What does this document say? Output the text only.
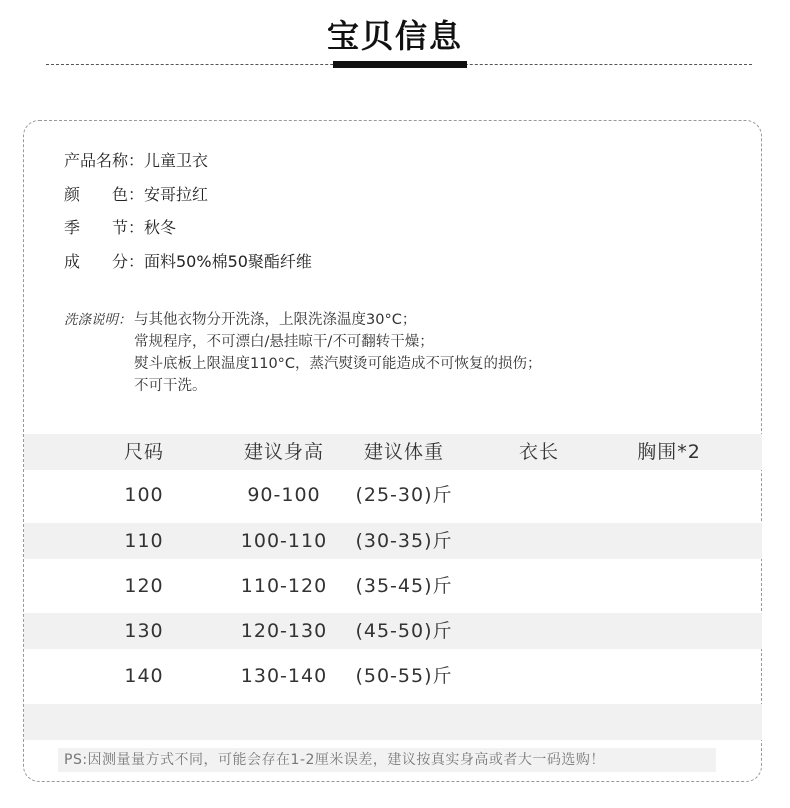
宝贝信息
产品名称：儿童卫衣
颜　　色：安哥拉红
季　　节：秋冬
成　　分：面料50%棉50聚酯纤维
洗涤说明： 与其他衣物分开洗涤，上限洗涤温度30°C；
常规程序，不可漂白/悬挂晾干/不可翻转干燥；
熨斗底板上限温度110°C，蒸汽熨烫可能造成不可恢复的损伤；
不可干洗。
尺码	建议身高	建议体重	衣长	胸围*2
100	90-100	(25-30)斤
110	100-110	(30-35)斤
120	110-120	(35-45)斤
130	120-130	(45-50)斤
140	130-140	(50-55)斤
PS:因测量量方式不同，可能会存在1-2厘米误差，建议按真实身高或者大一码选购！
